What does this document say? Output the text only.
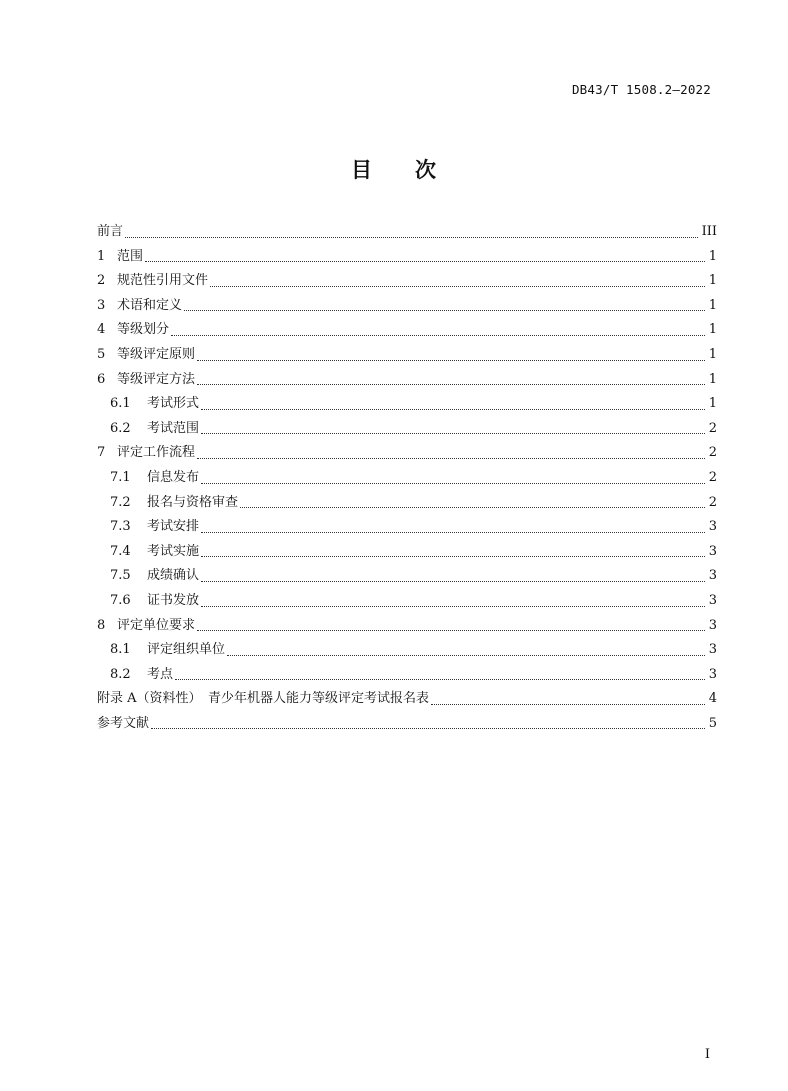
DB43/T 1508.2—2022
目 次
前言	III
1 范围	1
2 规范性引用文件	1
3 术语和定义	1
4 等级划分	1
5 等级评定原则	1
6 等级评定方法	1
6.1	考试形式	1
6.2	考试范围	2
7 评定工作流程	2
7.1	信息发布	2
7.2	报名与资格审查	2
7.3	考试安排	3
7.4	考试实施	3
7.5	成绩确认	3
7.6	证书发放	3
8 评定单位要求	3
8.1	评定组织单位	3
8.2	考点	3
附录 A（资料性）　青少年机器人能力等级评定考试报名表	4
参考文献	5
I
